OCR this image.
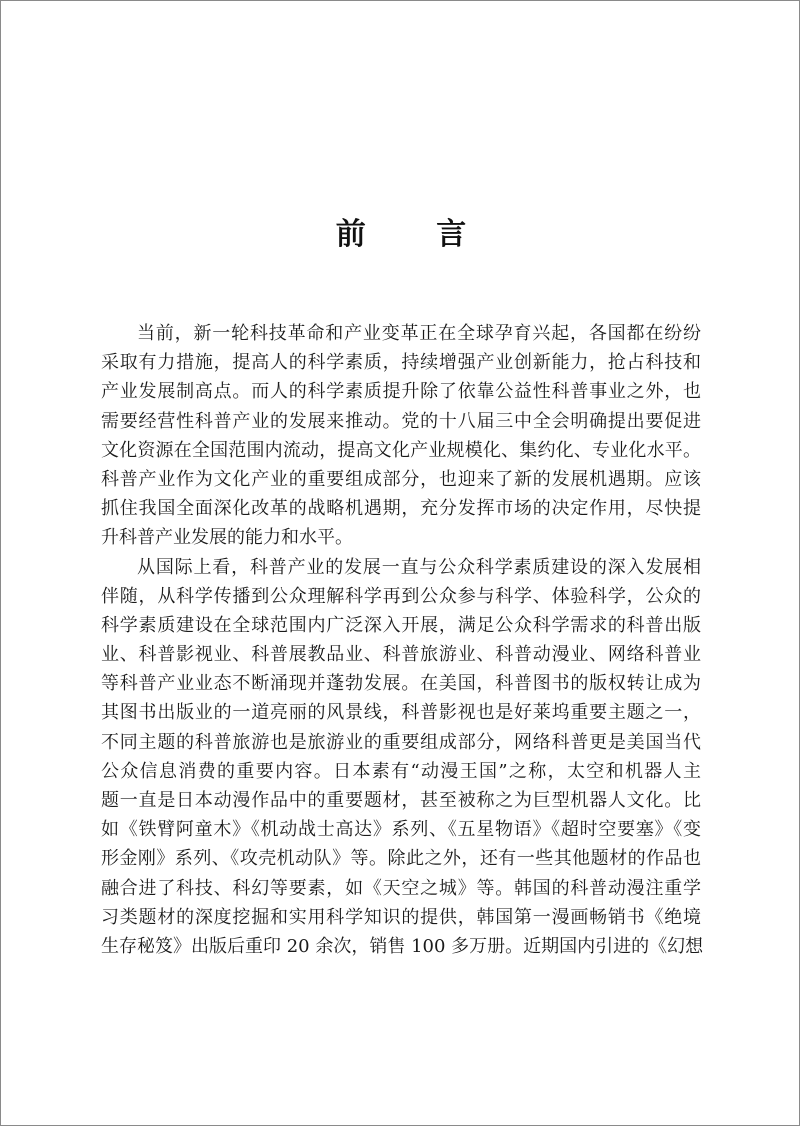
前 言
当前，新一轮科技革命和产业变革正在全球孕育兴起，各国都在纷纷
采取有力措施，提高人的科学素质，持续增强产业创新能力，抢占科技和
产业发展制高点。而人的科学素质提升除了依靠公益性科普事业之外，也
需要经营性科普产业的发展来推动。党的十八届三中全会明确提出要促进
文化资源在全国范围内流动，提高文化产业规模化、集约化、专业化水平。
科普产业作为文化产业的重要组成部分，也迎来了新的发展机遇期。应该
抓住我国全面深化改革的战略机遇期，充分发挥市场的决定作用，尽快提
升科普产业发展的能力和水平。
从国际上看，科普产业的发展一直与公众科学素质建设的深入发展相
伴随，从科学传播到公众理解科学再到公众参与科学、体验科学，公众的
科学素质建设在全球范围内广泛深入开展，满足公众科学需求的科普出版
业、科普影视业、科普展教品业、科普旅游业、科普动漫业、网络科普业
等科普产业业态不断涌现并蓬勃发展。在美国，科普图书的版权转让成为
其图书出版业的一道亮丽的风景线，科普影视也是好莱坞重要主题之一，
不同主题的科普旅游也是旅游业的重要组成部分，网络科普更是美国当代
公众信息消费的重要内容。日本素有“动漫王国”之称，太空和机器人主
题一直是日本动漫作品中的重要题材，甚至被称之为巨型机器人文化。比
如《铁臂阿童木》《机动战士高达》系列、《五星物语》《超时空要塞》《变
形金刚》系列、《攻壳机动队》等。除此之外，还有一些其他题材的作品也
融合进了科技、科幻等要素，如《天空之城》等。韩国的科普动漫注重学
习类题材的深度挖掘和实用科学知识的提供，韩国第一漫画畅销书《绝境
生存秘笈》出版后重印 20 余次，销售 100 多万册。近期国内引进的《幻想
